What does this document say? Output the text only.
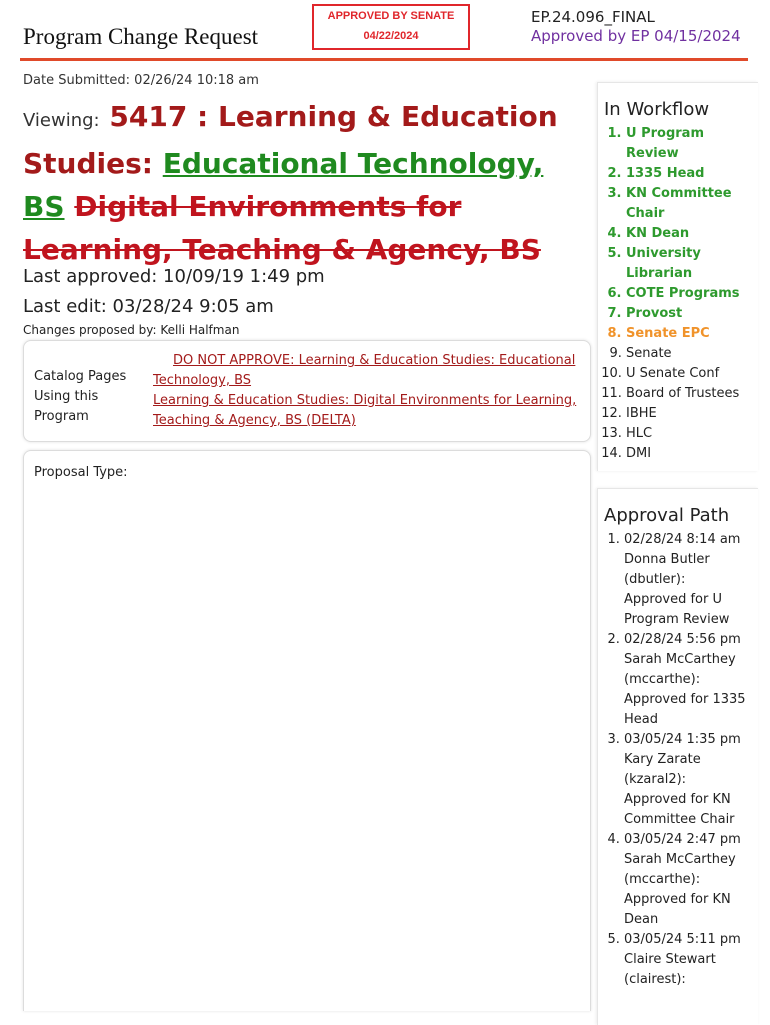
Program Change Request
APPROVED BY SENATE
04/22/2024
EP.24.096_FINAL
Approved by EP 04/15/2024
Date Submitted: 02/26/24 10:18 am
Viewing: 5417 : Learning & Education Studies: Educational Technology, BS Digital Environments for Learning, Teaching & Agency, BS
Last approved: 10/09/19 1:49 pm
Last edit: 03/28/24 9:05 am
Changes proposed by: Kelli Halfman
Catalog Pages Using this Program
DO NOT APPROVE: Learning & Education Studies: Educational Technology, BS
Learning & Education Studies: Digital Environments for Learning, Teaching & Agency, BS (DELTA)
Proposal Type:
In Workflow
1. U Program Review
2. 1335 Head
3. KN Committee Chair
4. KN Dean
5. University Librarian
6. COTE Programs
7. Provost
8. Senate EPC
9. Senate
10. U Senate Conf
11. Board of Trustees
12. IBHE
13. HLC
14. DMI
Approval Path
1. 02/28/24 8:14 am
Donna Butler
(dbutler):
Approved for U Program Review
2. 02/28/24 5:56 pm
Sarah McCarthey
(mccarthe):
Approved for 1335 Head
3. 03/05/24 1:35 pm
Kary Zarate
(kzaral2):
Approved for KN Committee Chair
4. 03/05/24 2:47 pm
Sarah McCarthey
(mccarthe):
Approved for KN Dean
5. 03/05/24 5:11 pm
Claire Stewart
(clairest):
